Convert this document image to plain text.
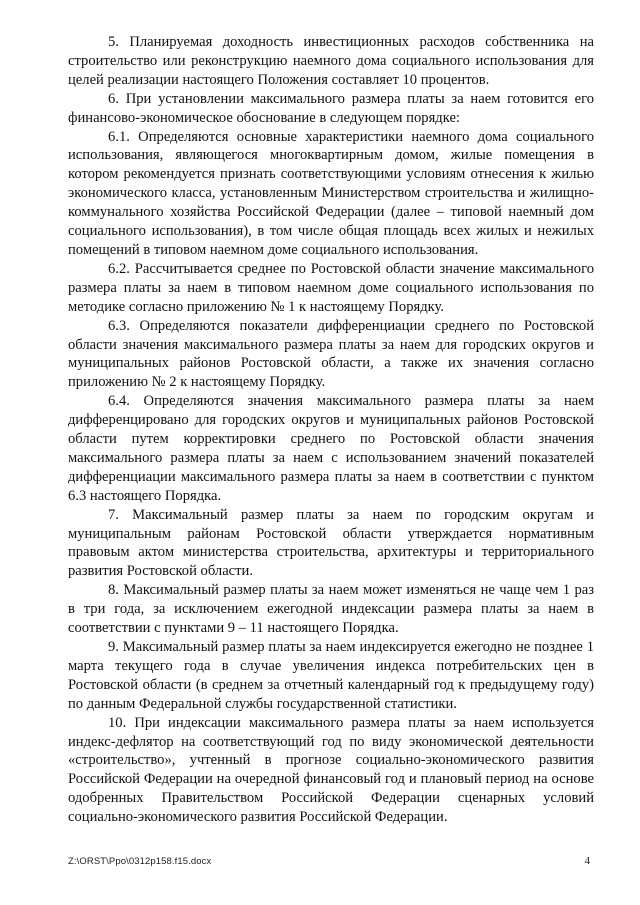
5. Планируемая доходность инвестиционных расходов собственника на строительство или реконструкцию наемного дома социального использования для целей реализации настоящего Положения составляет 10 процентов.

6. При установлении максимального размера платы за наем готовится его финансово-экономическое обоснование в следующем порядке:

6.1. Определяются основные характеристики наемного дома социального использования, являющегося многоквартирным домом, жилые помещения в котором рекомендуется признать соответствующими условиям отнесения к жилью экономического класса, установленным Министерством строительства и жилищно-коммунального хозяйства Российской Федерации (далее – типовой наемный дом социального использования), в том числе общая площадь всех жилых и нежилых помещений в типовом наемном доме социального использования.

6.2. Рассчитывается среднее по Ростовской области значение максимального размера платы за наем в типовом наемном доме социального использования по методике согласно приложению № 1 к настоящему Порядку.

6.3. Определяются показатели дифференциации среднего по Ростовской области значения максимального размера платы за наем для городских округов и муниципальных районов Ростовской области, а также их значения согласно приложению № 2 к настоящему Порядку.

6.4. Определяются значения максимального размера платы за наем дифференцировано для городских округов и муниципальных районов Ростовской области путем корректировки среднего по Ростовской области значения максимального размера платы за наем с использованием значений показателей дифференциации максимального размера платы за наем в соответствии с пунктом 6.3 настоящего Порядка.

7. Максимальный размер платы за наем по городским округам и муниципальным районам Ростовской области утверждается нормативным правовым актом министерства строительства, архитектуры и территориального развития Ростовской области.

8. Максимальный размер платы за наем может изменяться не чаще чем 1 раз в три года, за исключением ежегодной индексации размера платы за наем в соответствии с пунктами 9 – 11 настоящего Порядка.

9. Максимальный размер платы за наем индексируется ежегодно не позднее 1 марта текущего года в случае увеличения индекса потребительских цен в Ростовской области (в среднем за отчетный календарный год к предыдущему году) по данным Федеральной службы государственной статистики.

10. При индексации максимального размера платы за наем используется индекс-дефлятор на соответствующий год по виду экономической деятельности «строительство», учтенный в прогнозе социально-экономического развития Российской Федерации на очередной финансовый год и плановый период на основе одобренных Правительством Российской Федерации сценарных условий социально-экономического развития Российской Федерации.

Z:\ORST\Ppo\0312p158.f15.docx	4
